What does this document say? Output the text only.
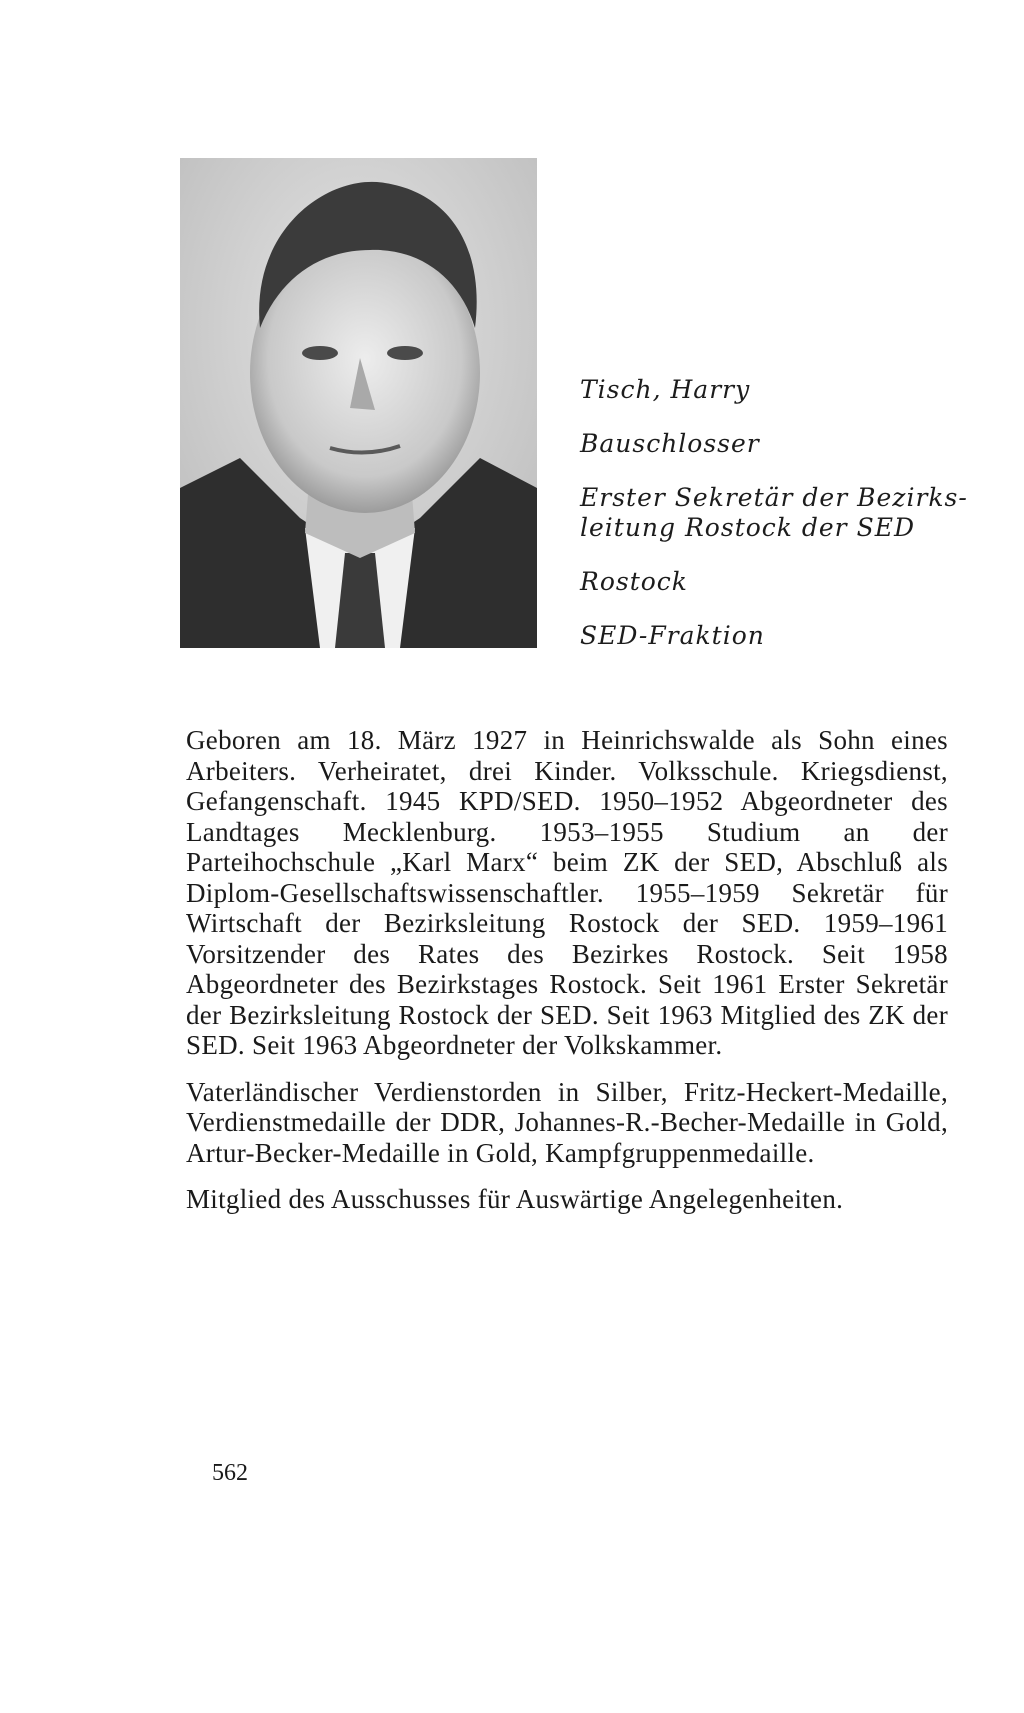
Tisch, Harry
Bauschlosser
Erster Sekretär der Bezirks-
leitung Rostock der SED
Rostock
SED-Fraktion

Geboren am 18. März 1927 in Heinrichswalde als Sohn eines Arbeiters. Verheiratet, drei Kinder. Volksschule. Kriegsdienst, Gefangenschaft. 1945 KPD/SED. 1950–1952 Abgeordneter des Landtages Mecklenburg. 1953–1955 Studium an der Parteihochschule „Karl Marx“ beim ZK der SED, Abschluß als Diplom-Gesellschaftswissenschaftler. 1955–1959 Sekretär für Wirtschaft der Bezirksleitung Rostock der SED. 1959–1961 Vorsitzender des Rates des Bezirkes Rostock. Seit 1958 Abgeordneter des Bezirkstages Rostock. Seit 1961 Erster Sekretär der Bezirksleitung Rostock der SED. Seit 1963 Mitglied des ZK der SED. Seit 1963 Abgeordneter der Volkskammer.

Vaterländischer Verdienstorden in Silber, Fritz-Heckert-Medaille, Verdienstmedaille der DDR, Johannes-R.-Becher-Medaille in Gold, Artur-Becker-Medaille in Gold, Kampfgruppenmedaille.

Mitglied des Ausschusses für Auswärtige Angelegenheiten.

562
